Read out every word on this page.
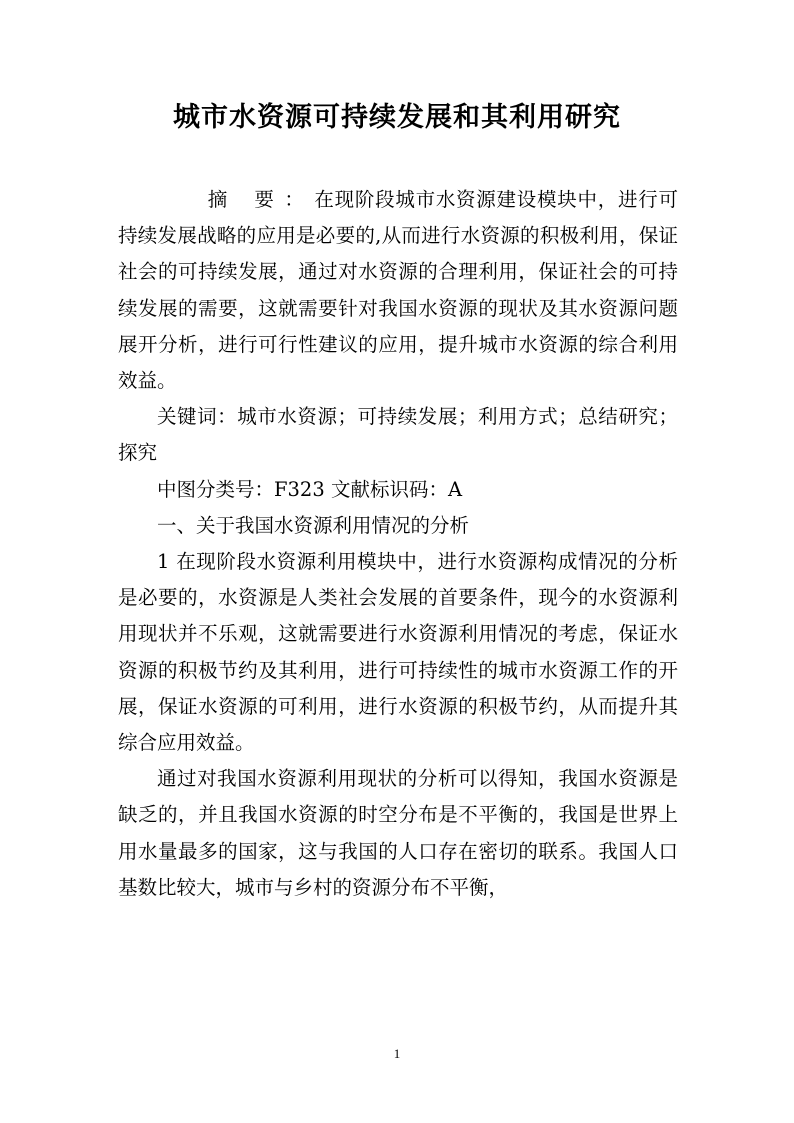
城市水资源可持续发展和其利用研究

摘 要：在现阶段城市水资源建设模块中，进行可持续发展战略的应用是必要的,从而进行水资源的积极利用，保证社会的可持续发展，通过对水资源的合理利用，保证社会的可持续发展的需要，这就需要针对我国水资源的现状及其水资源问题展开分析，进行可行性建议的应用，提升城市水资源的综合利用效益。

关键词：城市水资源；可持续发展；利用方式；总结研究；探究

中图分类号：F323 文献标识码：A

一、关于我国水资源利用情况的分析

1 在现阶段水资源利用模块中，进行水资源构成情况的分析是必要的，水资源是人类社会发展的首要条件，现今的水资源利用现状并不乐观，这就需要进行水资源利用情况的考虑，保证水资源的积极节约及其利用，进行可持续性的城市水资源工作的开展，保证水资源的可利用，进行水资源的积极节约，从而提升其综合应用效益。

通过对我国水资源利用现状的分析可以得知，我国水资源是缺乏的，并且我国水资源的时空分布是不平衡的，我国是世界上用水量最多的国家，这与我国的人口存在密切的联系。我国人口基数比较大，城市与乡村的资源分布不平衡，

1
